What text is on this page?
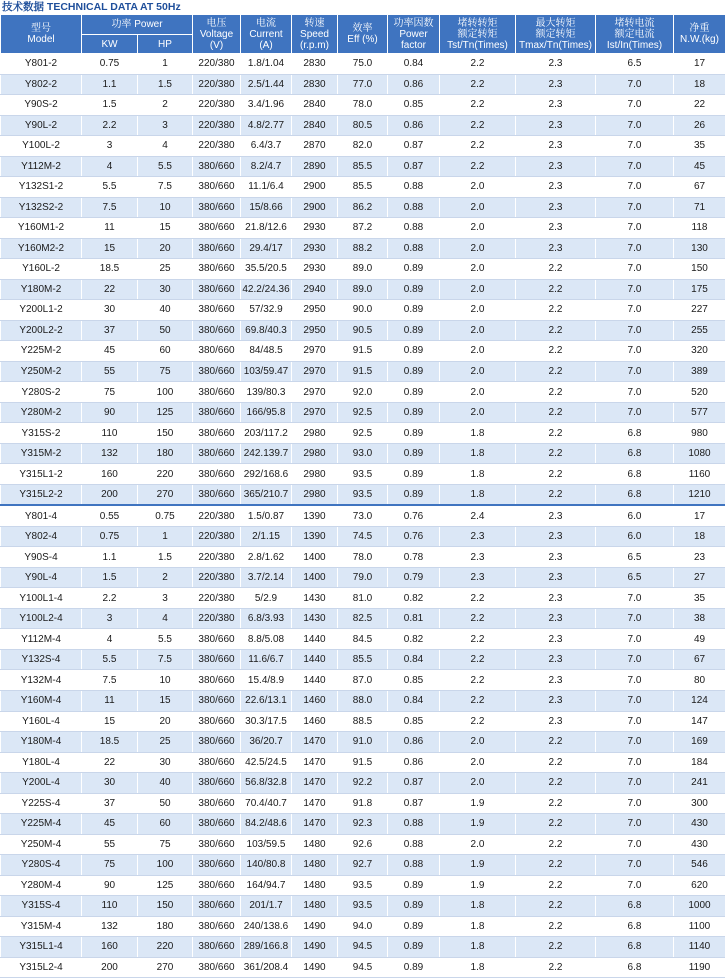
技术数据 TECHNICAL DATA AT 50Hz
型号
Model	功率 Power		电压
Voltage
(V)	电流
Current
(A)	转速
Speed
(r.p.m)	效率
Eff (%)	功率因数
Power
factor	堵转转矩
额定转矩
Tst/Tn(Times)	最大转矩
额定转矩
Tmax/Tn(Times)	堵转电流
额定电流
Ist/In(Times)	净重
N.W.(kg)
	KW	HP									
Y801-2	0.75	1	220/380	1.8/1.04	2830	75.0	0.84	2.2	2.3	6.5	17
Y802-2	1.1	1.5	220/380	2.5/1.44	2830	77.0	0.86	2.2	2.3	7.0	18
Y90S-2	1.5	2	220/380	3.4/1.96	2840	78.0	0.85	2.2	2.3	7.0	22
Y90L-2	2.2	3	220/380	4.8/2.77	2840	80.5	0.86	2.2	2.3	7.0	26
Y100L-2	3	4	220/380	6.4/3.7	2870	82.0	0.87	2.2	2.3	7.0	35
Y112M-2	4	5.5	380/660	8.2/4.7	2890	85.5	0.87	2.2	2.3	7.0	45
Y132S1-2	5.5	7.5	380/660	11.1/6.4	2900	85.5	0.88	2.0	2.3	7.0	67
Y132S2-2	7.5	10	380/660	15/8.66	2900	86.2	0.88	2.0	2.3	7.0	71
Y160M1-2	11	15	380/660	21.8/12.6	2930	87.2	0.88	2.0	2.3	7.0	118
Y160M2-2	15	20	380/660	29.4/17	2930	88.2	0.88	2.0	2.3	7.0	130
Y160L-2	18.5	25	380/660	35.5/20.5	2930	89.0	0.89	2.0	2.2	7.0	150
Y180M-2	22	30	380/660	42.2/24.36	2940	89.0	0.89	2.0	2.2	7.0	175
Y200L1-2	30	40	380/660	57/32.9	2950	90.0	0.89	2.0	2.2	7.0	227
Y200L2-2	37	50	380/660	69.8/40.3	2950	90.5	0.89	2.0	2.2	7.0	255
Y225M-2	45	60	380/660	84/48.5	2970	91.5	0.89	2.0	2.2	7.0	320
Y250M-2	55	75	380/660	103/59.47	2970	91.5	0.89	2.0	2.2	7.0	389
Y280S-2	75	100	380/660	139/80.3	2970	92.0	0.89	2.0	2.2	7.0	520
Y280M-2	90	125	380/660	166/95.8	2970	92.5	0.89	2.0	2.2	7.0	577
Y315S-2	110	150	380/660	203/117.2	2980	92.5	0.89	1.8	2.2	6.8	980
Y315M-2	132	180	380/660	242.139.7	2980	93.0	0.89	1.8	2.2	6.8	1080
Y315L1-2	160	220	380/660	292/168.6	2980	93.5	0.89	1.8	2.2	6.8	1160
Y315L2-2	200	270	380/660	365/210.7	2980	93.5	0.89	1.8	2.2	6.8	1210
Y801-4	0.55	0.75	220/380	1.5/0.87	1390	73.0	0.76	2.4	2.3	6.0	17
Y802-4	0.75	1	220/380	2/1.15	1390	74.5	0.76	2.3	2.3	6.0	18
Y90S-4	1.1	1.5	220/380	2.8/1.62	1400	78.0	0.78	2.3	2.3	6.5	23
Y90L-4	1.5	2	220/380	3.7/2.14	1400	79.0	0.79	2.3	2.3	6.5	27
Y100L1-4	2.2	3	220/380	5/2.9	1430	81.0	0.82	2.2	2.3	7.0	35
Y100L2-4	3	4	220/380	6.8/3.93	1430	82.5	0.81	2.2	2.3	7.0	38
Y112M-4	4	5.5	380/660	8.8/5.08	1440	84.5	0.82	2.2	2.3	7.0	49
Y132S-4	5.5	7.5	380/660	11.6/6.7	1440	85.5	0.84	2.2	2.3	7.0	67
Y132M-4	7.5	10	380/660	15.4/8.9	1440	87.0	0.85	2.2	2.3	7.0	80
Y160M-4	11	15	380/660	22.6/13.1	1460	88.0	0.84	2.2	2.3	7.0	124
Y160L-4	15	20	380/660	30.3/17.5	1460	88.5	0.85	2.2	2.3	7.0	147
Y180M-4	18.5	25	380/660	36/20.7	1470	91.0	0.86	2.0	2.2	7.0	169
Y180L-4	22	30	380/660	42.5/24.5	1470	91.5	0.86	2.0	2.2	7.0	184
Y200L-4	30	40	380/660	56.8/32.8	1470	92.2	0.87	2.0	2.2	7.0	241
Y225S-4	37	50	380/660	70.4/40.7	1470	91.8	0.87	1.9	2.2	7.0	300
Y225M-4	45	60	380/660	84.2/48.6	1470	92.3	0.88	1.9	2.2	7.0	430
Y250M-4	55	75	380/660	103/59.5	1480	92.6	0.88	2.0	2.2	7.0	430
Y280S-4	75	100	380/660	140/80.8	1480	92.7	0.88	1.9	2.2	7.0	546
Y280M-4	90	125	380/660	164/94.7	1480	93.5	0.89	1.9	2.2	7.0	620
Y315S-4	110	150	380/660	201/1.7	1480	93.5	0.89	1.8	2.2	6.8	1000
Y315M-4	132	180	380/660	240/138.6	1490	94.0	0.89	1.8	2.2	6.8	1100
Y315L1-4	160	220	380/660	289/166.8	1490	94.5	0.89	1.8	2.2	6.8	1140
Y315L2-4	200	270	380/660	361/208.4	1490	94.5	0.89	1.8	2.2	6.8	1190
